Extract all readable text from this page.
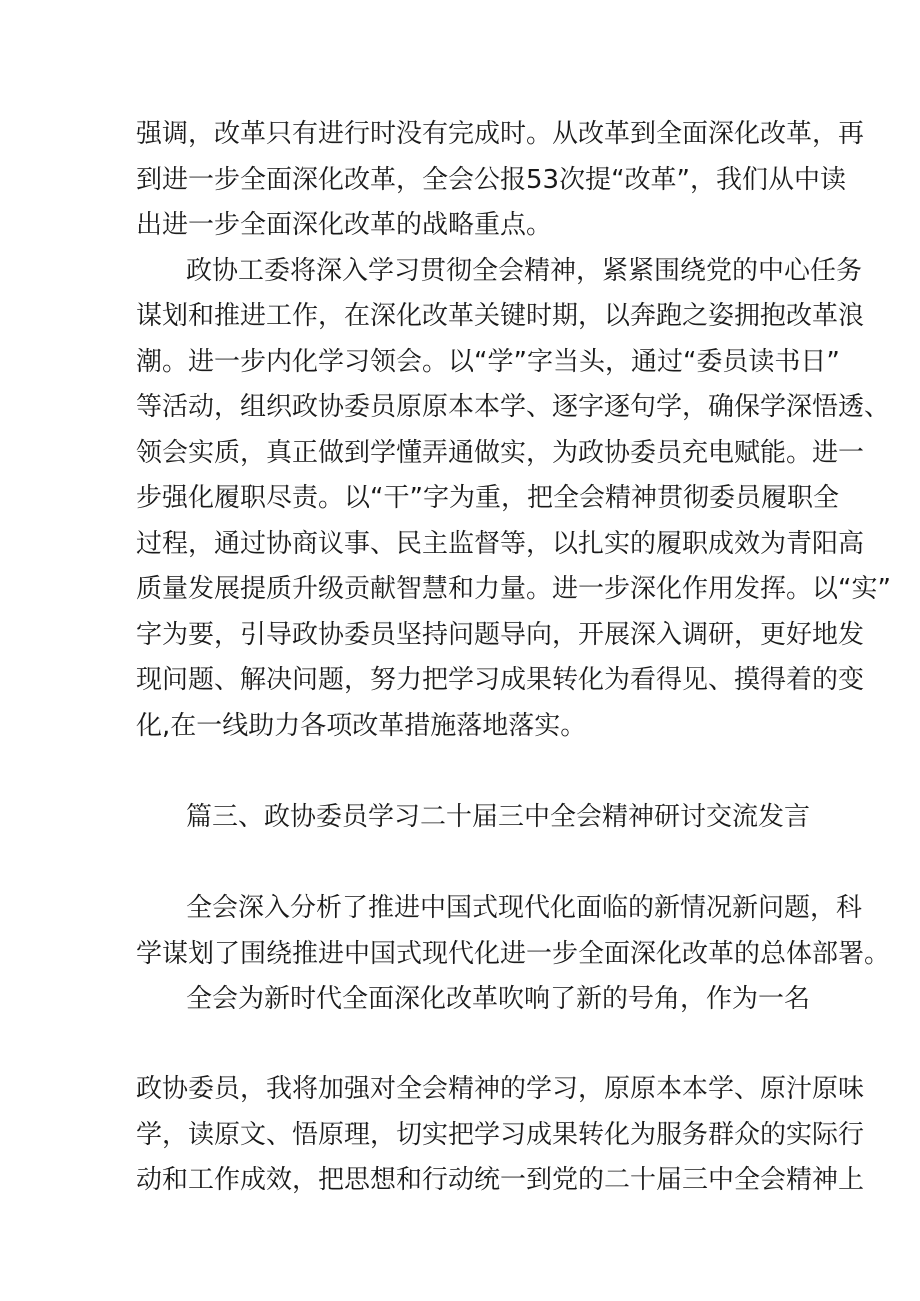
强调，改革只有进行时没有完成时。从改革到全面深化改革，再
到进一步全面深化改革，全会公报53次提“改革”，我们从中读
出进一步全面深化改革的战略重点。
政协工委将深入学习贯彻全会精神，紧紧围绕党的中心任务
谋划和推进工作，在深化改革关键时期，以奔跑之姿拥抱改革浪
潮。进一步内化学习领会。以“学”字当头，通过“委员读书日”
等活动，组织政协委员原原本本学、逐字逐句学，确保学深悟透、
领会实质，真正做到学懂弄通做实，为政协委员充电赋能。进一
步强化履职尽责。以“干”字为重，把全会精神贯彻委员履职全
过程，通过协商议事、民主监督等，以扎实的履职成效为青阳高
质量发展提质升级贡献智慧和力量。进一步深化作用发挥。以“实”
字为要，引导政协委员坚持问题导向，开展深入调研，更好地发
现问题、解决问题，努力把学习成果转化为看得见、摸得着的变
化,在一线助力各项改革措施落地落实。
篇三、政协委员学习二十届三中全会精神研讨交流发言
全会深入分析了推进中国式现代化面临的新情况新问题，科
学谋划了围绕推进中国式现代化进一步全面深化改革的总体部署。
全会为新时代全面深化改革吹响了新的号角，作为一名
政协委员，我将加强对全会精神的学习，原原本本学、原汁原味
学，读原文、悟原理，切实把学习成果转化为服务群众的实际行
动和工作成效，把思想和行动统一到党的二十届三中全会精神上
